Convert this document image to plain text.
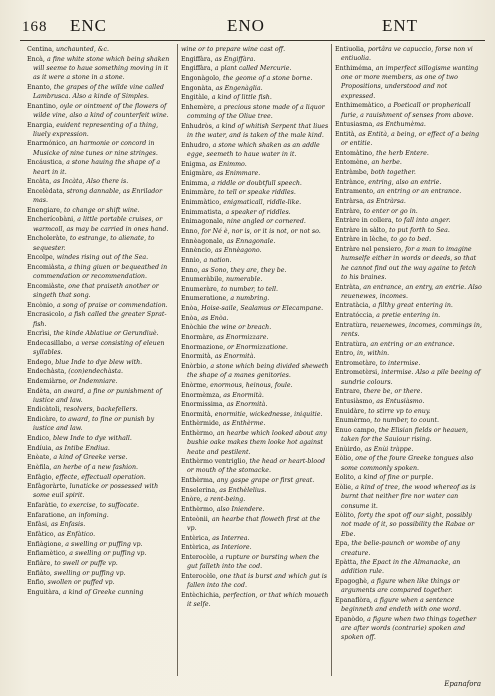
168 ENC	ENO	ENT
Centina, unchaunted, &c.
Encà, a fine white stone which being shaken will seeme to haue something moving in it as it were a stone in a stone.
Enanto, the grapes of the wilde vine called Lambrusca. Also a kinde of Simples.
Enantino, oyle or ointment of the flowers of wilde vine, also a kind of counterfeit wine.
Enargia, euident representing of a thing, liuely expression.
Enarmónico, an harmonie or concord in Musicke of nine tunes or nine stringes.
Encáustica, a stone hauing the shape of a heart in it.
Encàta, as Incàta, Also there is.
Encelèdata, strong dannable, as Enrilador mas.
Enengiare, to change or shift wine.
Encherícobàni, a little portable cruises, or warmcoll, as may be carried in ones hand.
Encholeràte, to estrange, to alienate, to sequester.
Encolpe, windes rising out of the Sea.
Encomiàsta, a thing giuen or bequeathed in commendation or recommendation.
Encomiàste, one that praiseth another or singeth that song.
Encònio, a song of praise or commendation.
Encrasicolo, a fish called the greater Sprat-fish.
Encrìsi, the kinde Ablatiue or Gerundiuè.
Endecasillabo, a verse consisting of eleuen syllables.
Endego, blue Inde to dye blew with.
Endechàsta, (con)endechàsta.
Endemiàrne, or Indemniare.
Endèta, an award, a fine or punishment of iustice and law.
Endicàtoli, resolvers, backefellers.
Endicàre, to award, to fine or punish by iustice and law.
Endico, blew Inde to dye withall.
Endíuia, as Intibe Endiua.
Enèate, a kind of Greeke verse.
Enèfila, an herbe of a new fashion.
Enfàgio, effecte, effectuall operation.
Enfàgoràrte, lunaticke or possessed with some euil spirit.
Enfaràtie, to exercise, to suffocate.
Enfaratione, an infoming.
Enfàsi, as Enfasis.
Enfàtico, as Enfàtico.
Enfiàgione, a swelling or puffing vp.
Enfiamètico, a swelling or puffing vp.
Enfiàre, to swell or puffe vp.
Enfiàto, swelling or puffing vp.
Enfio, swollen or puffed vp.
Enguitàra, a kind of Greeke cunning
wine or to prepare wine cast off.
Engiffàra, as Engiffàra.
Engiffàra, a plant called Mercurie.
Engonàgolo, the geome of a stone borne.
Engonàta, as Engenàglia.
Engitàle, a kind of little fish.
Enhemère, a precious stone made of a liquor comming of the Oliue tree.
Enhudròs, a kind of whitish Serpent that liues in the water, and is taken of the male kind.
Enhudro, a stone which shaken as an addle egge, seemeth to haue water in it.
Enigma, as Enimmo.
Enigmàre, as Enimmare.
Enimma, a riddle or doubtfull speech.
Enimmàre, to tell or speake riddles.
Enimmàtico, enigmaticall, riddle-like.
Enimmatista, a speaker of riddles.
Enimagonale, nine angled or cornered.
Enno, for Né è, nor is, or it is not, or not so.
Ennèagonale, as Ennagonale.
Ennèncio, as Ennèagono.
Ennio, a nation.
Enno, as Sono, they are, they be.
Enumeràbile, numerable.
Enumeràre, to number, to tell.
Enumeratione, a numbring.
Enòa, Hoise-saile, Sealamus or Elecampane.
Enòa, as Enòa.
Enòchie the wine or breach.
Enormàre, as Enormizzare.
Enormazione, or Enormizzatione.
Enormità, as Enormità.
Enòrbio, a stone which being divided sheweth the shape of a manes genitories.
Enòrme, enormous, heinous, foule.
Enormèmza, as Enormità.
Enormissima, as Enormità.
Enormità, enormitie, wickednesse, iniquitie.
Enthèrmide, as Enthèrme.
Enthèrmo, an hearbe which looked about any bushie oake makes them looke hot against heate and pestilent.
Enthèrmo ventriglio, the head or heart-blood or mouth of the stomacke.
Enthèrma, any gaspe grape or first great.
Enselerina, as Enthèlelius.
Enòre, a rent-being.
Enthèrmo, also Iniendere.
Enteònii, an hearbe that floweth first at the vp.
Entèrica, as Interrea.
Entèrica, as Interiore.
Enterocèle, a rupture or bursting when the gut falleth into the cod.
Enterocèle, one that is burst and which gut is fallen into the cod.
Entèchichia, perfection, or that which moueth it selfe.
Entiuolia, portâra ve capuccio, forse non vi entiuolia.
Enthiméma, an imperfect sillogisme wanting one or more members, as one of two Propositions, understood and not expressed.
Enthimemàtico, a Poeticall or prophericall furie, a rauishment of senses from above.
Entusiasma, as Enthumèma.
Entità, as Entità, a being, or effect of a being or entitie.
Entomàtino, the herb Entere.
Entomène, an herbe.
Entràmbe, both together.
Entrànce, entring, also an entrie.
Entramento, an entring or an entrance.
Entràrsa, as Entràrsa.
Entràre, to enter or go in.
Entràre in collera, to fall into anger.
Entràre in sàlto, to put forth to Sea.
Entràre in lèche, to go to bed.
Entràre nel pensiero, for a man to imagine humselfe either in words or deeds, so that he cannot find out the way againe to fetch to his braines.
Entràta, an entrance, an entry, an entrie. Also reuenewes, incomes.
Entratàcia, a filthy great entering in.
Entratóccia, a pretie entering in.
Entratùra, reuenewes, incomes, commings in, rents.
Entratùra, an entring or an entrance.
Entro, in, within.
Entrometàre, to intermise.
Entrometèrsi, intermise. Also a pile beeing of sundrie colours.
Entrare, there be, or there.
Entusiàsmo, as Entusiàsmo.
Enuidàre, to stirre vp to enuy.
Enumèrmo, to number, to count.
Enuo campo, the Elisian fields or heauen, taken for the Sauiour rising.
Enùirdo, as Enùi tràppe.
Eòlio, one of the foure Greeke tongues also some commonly spoken.
Eolito, a kind of fine or purple.
Eòlie, a kind of tree, the wood whereof as is burnt that neither fire nor water can consume it.
Eòlito, forty the spot off our sight, possibly not made of it, so possibility the Rabae or Ebe.
Epa, the belie-paunch or wombe of any creature.
Epàtta, the Epact in the Almanacke, an addition rule.
Epagoghè, a figure when like things or arguments are compared together.
Epanaflòra, a figure when a sentence beginneth and endeth with one word.
Epanòdo, a figure when two things together are after words (contrarie) spoken and spoken off.
Epanafora
